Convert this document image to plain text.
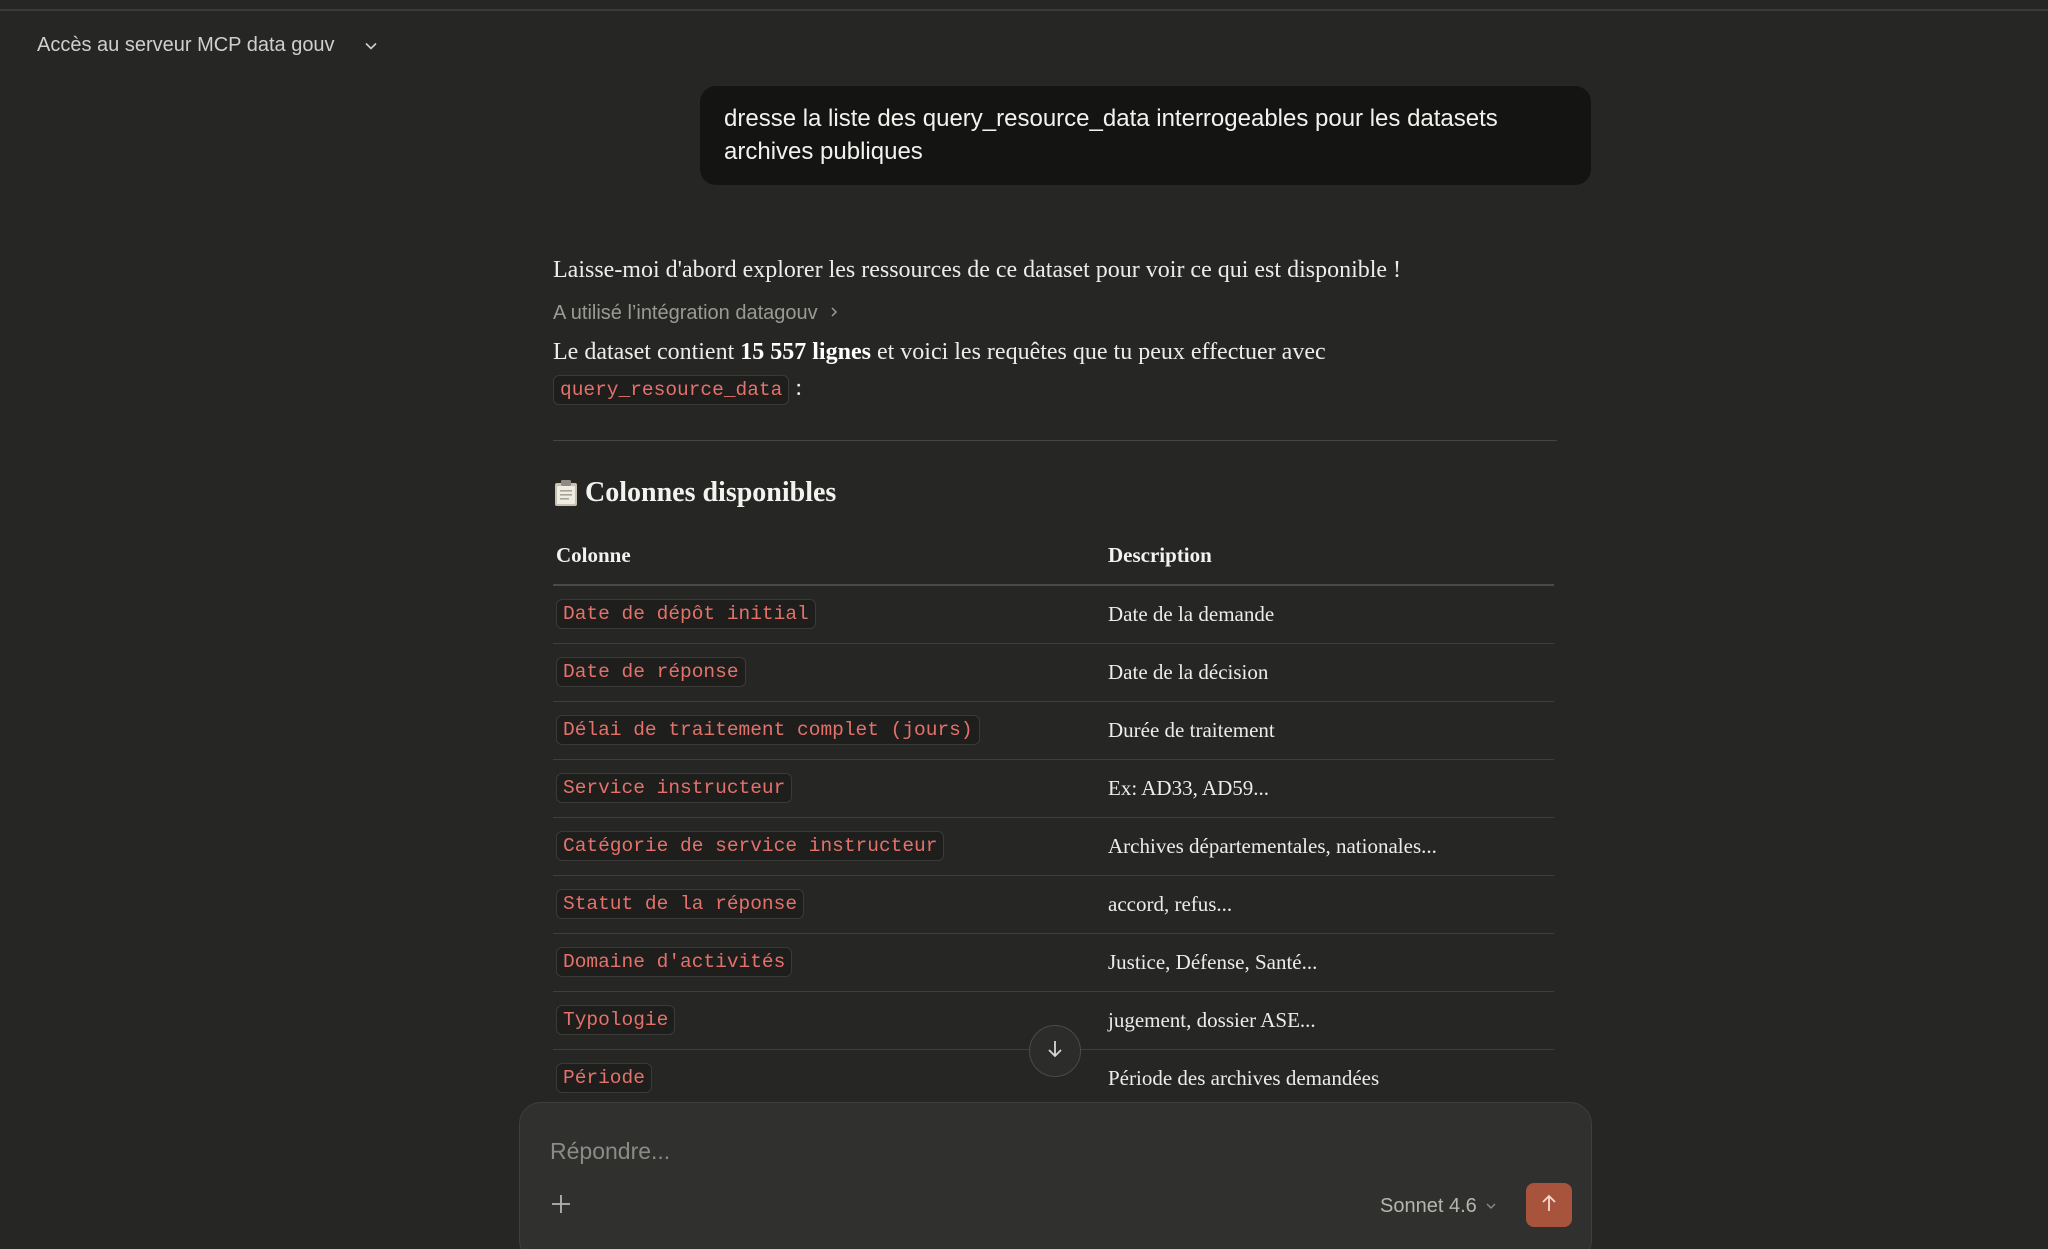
Accès au serveur MCP data gouv
dresse la liste des query_resource_data interrogeables pour les datasets archives publiques

Laisse-moi d'abord explorer les ressources de ce dataset pour voir ce qui est disponible !

A utilisé l’intégration datagouv

Le dataset contient 15 557 lignes et voici les requêtes que tu peux effectuer avec
query_resource_data :

Colonnes disponibles
Colonne	Description
Date de dépôt initial	Date de la demande
Date de réponse	Date de la décision
Délai de traitement complet (jours)	Durée de traitement
Service instructeur	Ex: AD33, AD59...
Catégorie de service instructeur	Archives départementales, nationales...
Statut de la réponse	accord, refus...
Domaine d'activités	Justice, Défense, Santé...
Typologie	jugement, dossier ASE...
Période	Période des archives demandées
Répondre...
Sonnet 4.6
